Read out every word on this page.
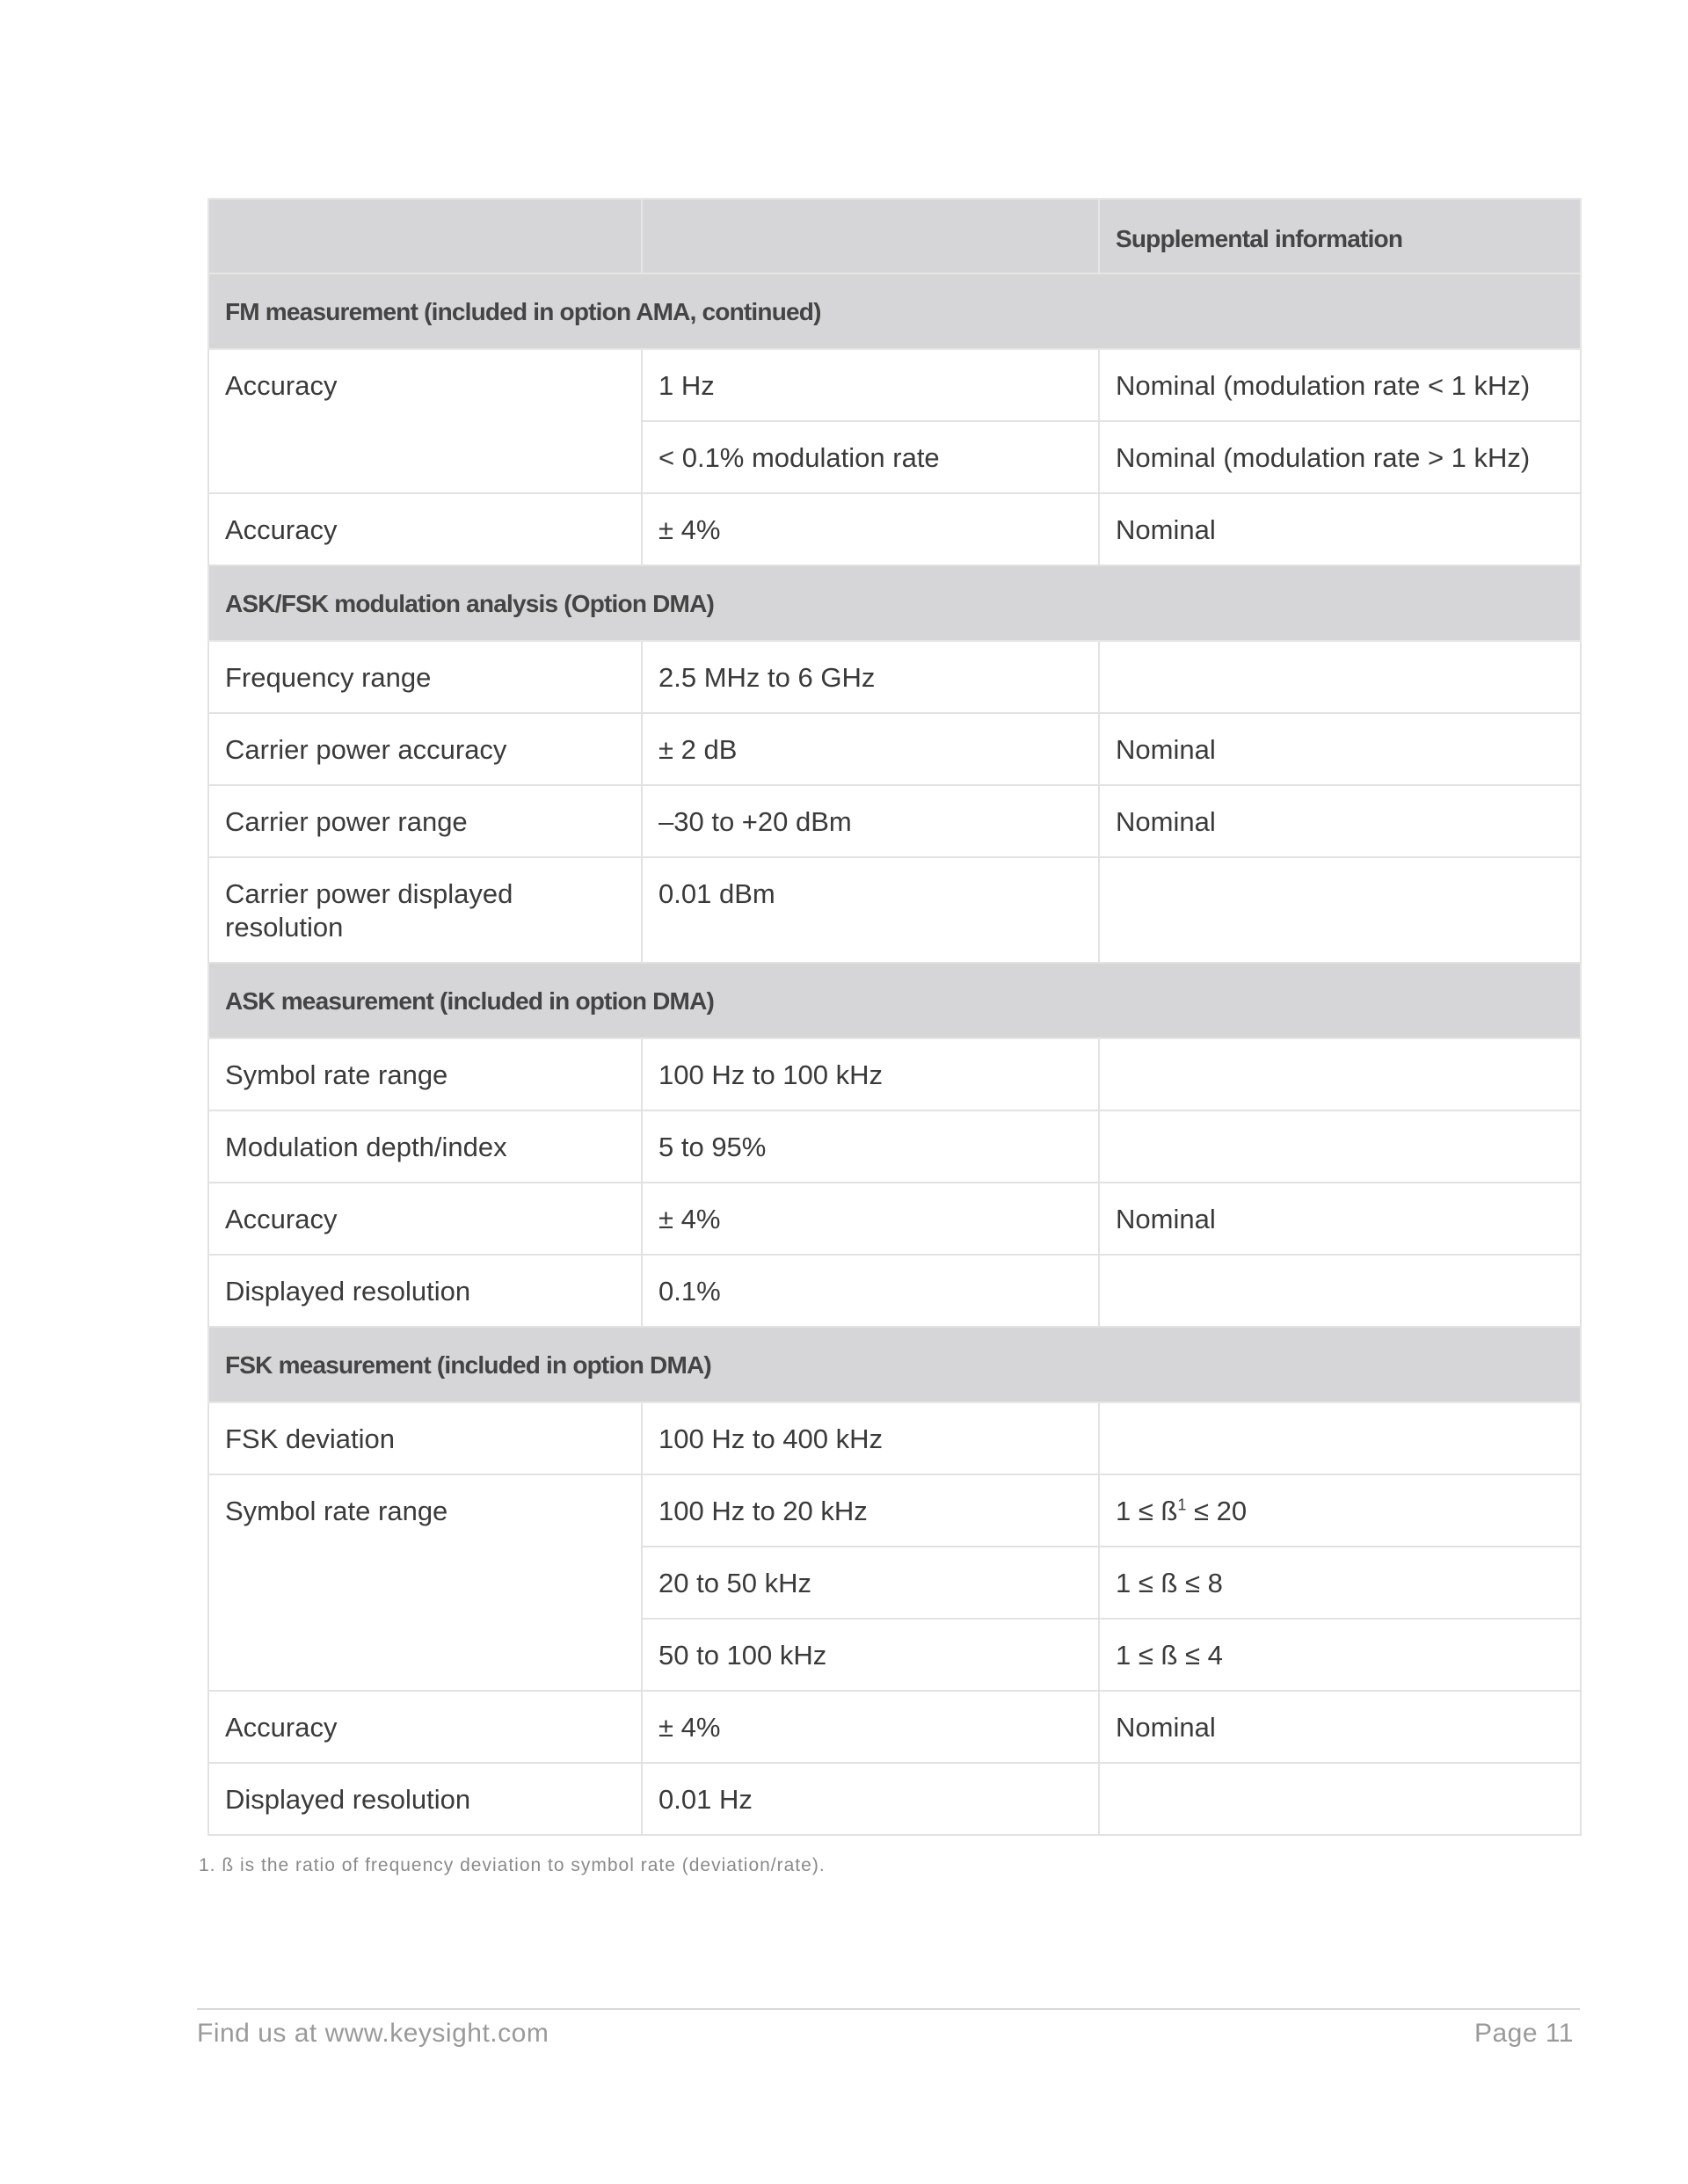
		Supplemental information
FM measurement (included in option AMA, continued)		
Accuracy	1 Hz	Nominal (modulation rate < 1 kHz)
	< 0.1% modulation rate	Nominal (modulation rate > 1 kHz)
Accuracy	± 4%	Nominal
ASK/FSK modulation analysis (Option DMA)		
Frequency range	2.5 MHz to 6 GHz	
Carrier power accuracy	± 2 dB	Nominal
Carrier power range	–30 to +20 dBm	Nominal
Carrier power displayed resolution	0.01 dBm	
ASK measurement (included in option DMA)		
Symbol rate range	100 Hz to 100 kHz	
Modulation depth/index	5 to 95%	
Accuracy	± 4%	Nominal
Displayed resolution	0.1%	
FSK measurement (included in option DMA)		
FSK deviation	100 Hz to 400 kHz	
Symbol rate range	100 Hz to 20 kHz	$1 \le ß^1 \le 20$
	20 to 50 kHz	1 ≤ ß ≤ 8
	50 to 100 kHz	1 ≤ ß ≤ 4
Accuracy	± 4%	Nominal
Displayed resolution	0.01 Hz	
1. ß is the ratio of frequency deviation to symbol rate (deviation/rate).
Find us at www.keysight.com	Page 11
